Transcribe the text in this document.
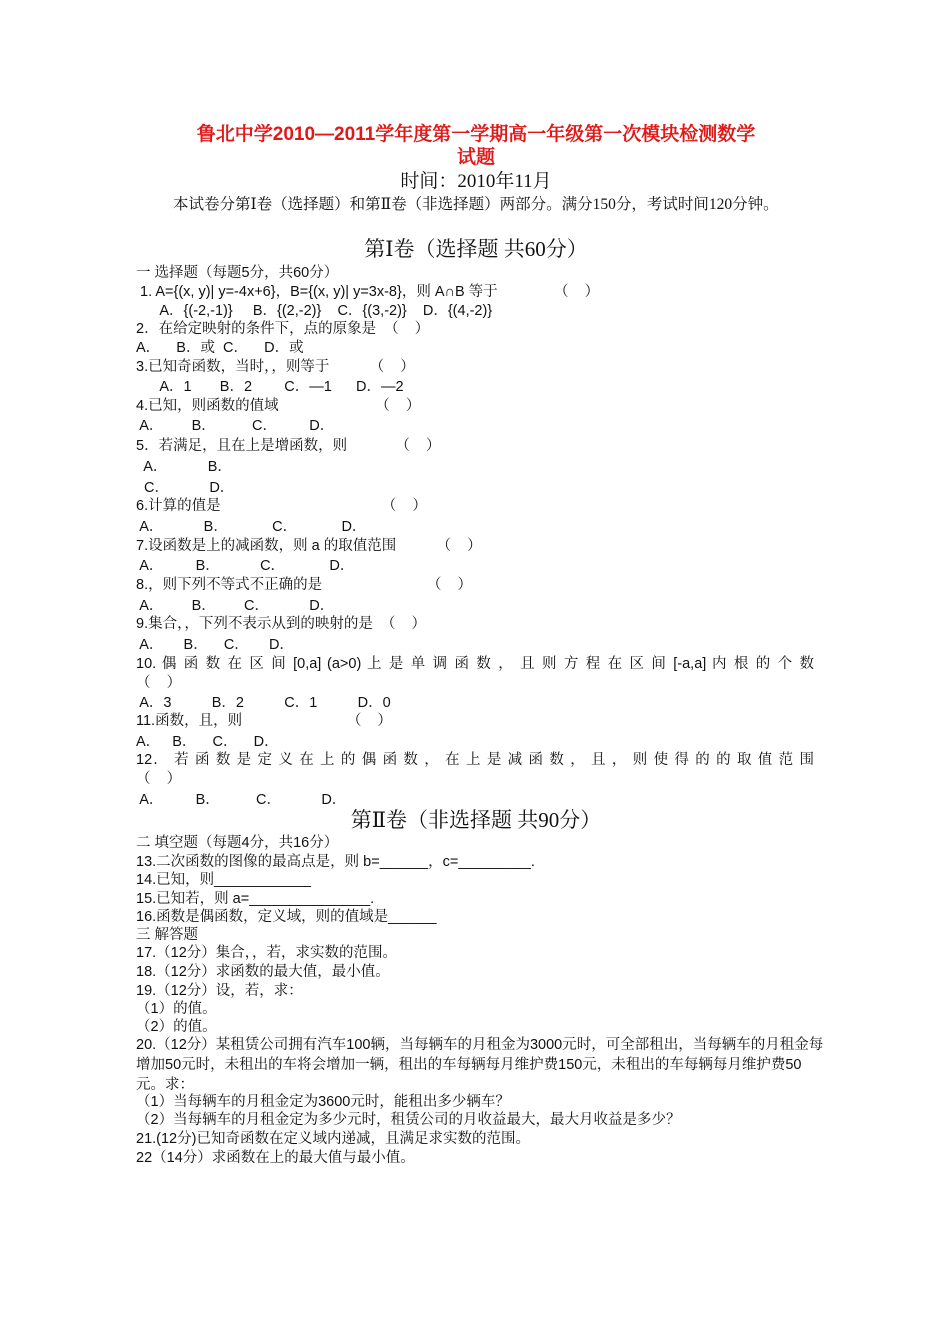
鲁北中学2010—2011学年度第一学期高一年级第一次模块检测数学
试题
时间：2010年11月
本试卷分第Ⅰ卷（选择题）和第Ⅱ卷（非选择题）两部分。满分150分，考试时间120分钟。
第Ⅰ卷（选择题 共60分）
一 选择题（每题5分，共60分）
1. A={(x, y)| y=-4x+6}，B={(x, y)| y=3x-8}，则 A∩B 等于              （    ）
A．{(-2,-1)}     B．{(2,-2)}    C．{(3,-2)}    D．{(4,-2)}
2．在给定映射的条件下，点的原象是  （    ）
A．    B．或  C．    D．或
3.已知奇函数，当时，，则等于          （    ）
A．1       B．2        C．—1      D．—2
4.已知，则函数的值域                        （    ）
A．       B．         C．        D．
5．若满足，且在上是增函数，则            （    ）
A．          B．
C．          D．
6.计算的值是                                        （    ）
A．          B．           C．           D．
7.设函数是上的减函数，则 a 的取值范围          （    ）
A．        B．          C．           D．
8.，则下列不等式不正确的是                          （    ）
A．       B．       C．          D．
9.集合，，下列不表示从到的映射的是  （    ）
A．     B．    C．     D．
10. 偶 函 数 在 区 间 [0,a] (a>0) 上 是 单 调 函 数 ， 且 则 方 程 在 区 间 [-a,a] 内 根 的 个 数
（    ）
A．3          B．2          C．1          D．0
11.函数，且，则                          （    ）
A．   B．    C．    D．
12． 若 函 数 是 定 义 在 上 的 偶 函 数 ， 在 上 是 减 函 数 ， 且 ， 则 使 得 的 的 取 值 范 围
（    ）
A．        B．         C．          D．
第Ⅱ卷（非选择题 共90分）
二 填空题（每题4分，共16分）
13.二次函数的图像的最高点是，则 b=______，c=_________.
14.已知，则____________
15.已知若，则 a=_______________.
16.函数是偶函数，定义域，则的值域是______
三 解答题
17.（12分）集合，，若，求实数的范围。
18.（12分）求函数的最大值，最小值。
19.（12分）设，若，求：
（1）的值。
（2）的值。
20.（12分）某租赁公司拥有汽车100辆，当每辆车的月租金为3000元时，可全部租出，当每辆车的月租金每增加50元时，未租出的车将会增加一辆，租出的车每辆每月维护费150元，未租出的车每辆每月维护费50元。求：
（1）当每辆车的月租金定为3600元时，能租出多少辆车？
（2）当每辆车的月租金定为多少元时，租赁公司的月收益最大，最大月收益是多少？
21.(12分)已知奇函数在定义域内递减，且满足求实数的范围。
22（14分）求函数在上的最大值与最小值。
